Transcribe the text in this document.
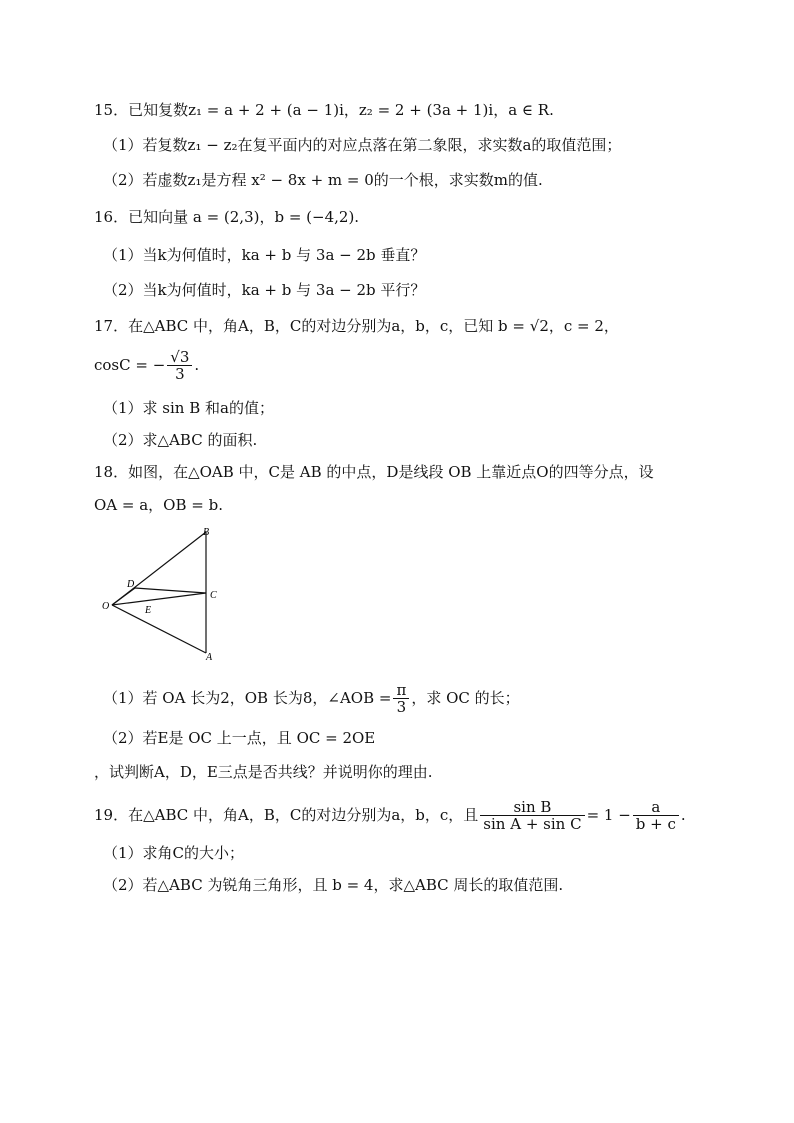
15．已知复数z₁ = a + 2 + (a − 1)i，z₂ = 2 + (3a + 1)i，a ∈ R.
（1）若复数z₁ − z₂在复平面内的对应点落在第二象限，求实数a的取值范围；
（2）若虚数z₁是方程 x² − 8x + m = 0的一个根，求实数m的值.
16．已知向量 a = (2,3)，b = (−4,2).
（1）当k为何值时，ka + b 与 3a − 2b 垂直？
（2）当k为何值时，ka + b 与 3a − 2b 平行？
17．在△ABC 中，角A，B，C的对边分别为a，b，c，已知 b = √2，c = 2，
cosC = − $\frac{√3}{3}$ .
（1）求 sin B 和a的值；
（2）求△ABC 的面积.
18．如图，在△OAB 中，C是 AB 的中点，D是线段 OB 上靠近点O的四等分点，设
OA = a，OB = b.
B
D
C
O	E
A
（1）若 OA 长为2，OB 长为8，∠AOB = $\frac{\pi}{3}$ ，求 OC 的长；
（2）若E是 OC 上一点，且 OC = 2OE
，试判断A，D，E三点是否共线？并说明你的理由.
19．在△ABC 中，角A，B，C的对边分别为a，b，c，且 $\frac{\text{sin B}}{\text{sin A + sin C}} = 1 - \frac{a}{b + c}$ .
（1）求角C的大小；
（2）若△ABC 为锐角三角形，且 b = 4，求△ABC 周长的取值范围.
